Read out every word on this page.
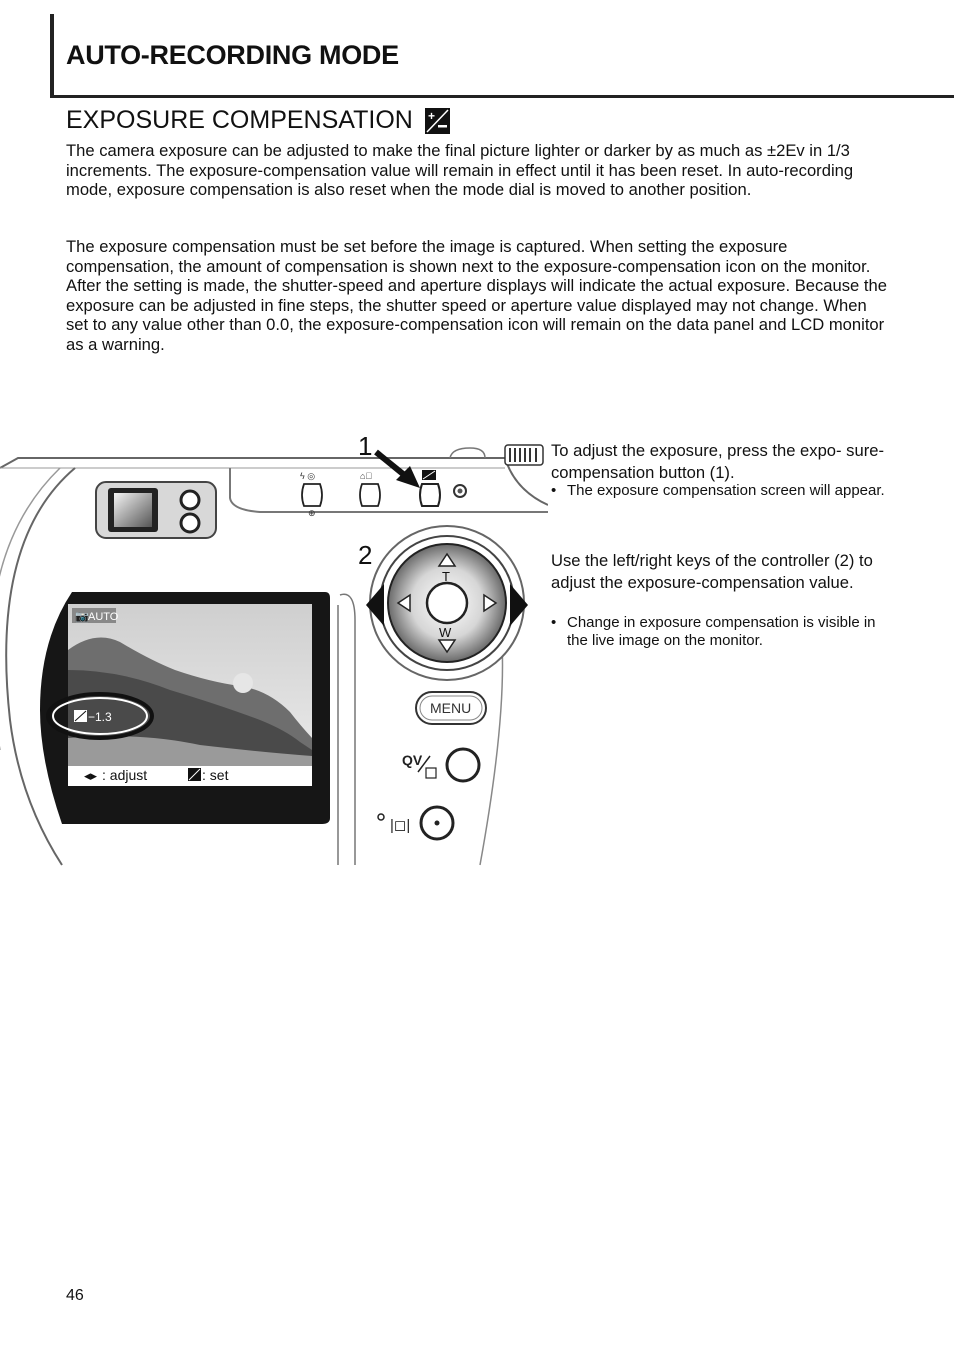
AUTO-RECORDING MODE
EXPOSURE COMPENSATION +

The camera exposure can be adjusted to make the final picture lighter or darker by as much as ±2Ev in 1/3 increments. The exposure-compensation value will remain in effect until it has been reset. In auto-recording mode, exposure compensation is also reset when the mode dial is moved to another position.

The exposure compensation must be set before the image is captured. When setting the exposure compensation, the amount of compensation is shown next to the exposure-compensation icon on the monitor. After the setting is made, the shutter-speed and aperture displays will indicate the actual exposure. Because the exposure can be adjusted in fine steps, the shutter speed or aperture value displayed may not change. When set to any value other than 0.0, the exposure-compensation icon will remain on the data panel and LCD monitor as a warning.

ϟ ◎
⊕
⌂⃝
1
📷 AUTO
−1.3
◂▸ : adjust	: set
2
T
W
MENU
QV
|◻|

To adjust the exposure, press the expo- sure-compensation button (1).

• The exposure compensation screen will appear.

Use the left/right keys of the controller (2) to adjust the exposure-compensation value.

• Change in exposure compensation is visible in the live image on the monitor.

46
